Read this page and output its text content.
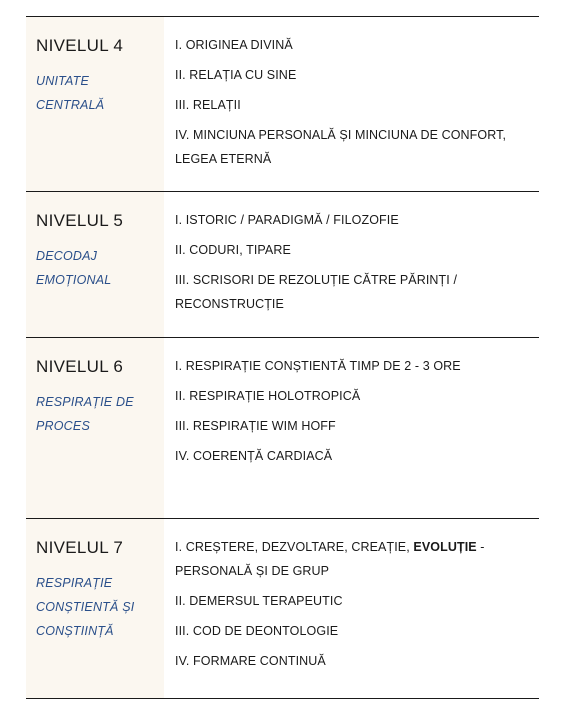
NIVELUL 4
UNITATE CENTRALĂ
I. ORIGINEA DIVINĂ
II. RELAȚIA CU SINE
III. RELAȚII
IV. MINCIUNA PERSONALĂ ȘI MINCIUNA DE CONFORT, LEGEA ETERNĂ
NIVELUL 5
DECODAJ EMOȚIONAL
I. ISTORIC / PARADIGMĂ / FILOZOFIE
II. CODURI, TIPARE
III. SCRISORI DE REZOLUȚIE CĂTRE PĂRINȚI / RECONSTRUCȚIE
NIVELUL 6
RESPIRAȚIE DE PROCES
I. RESPIRAȚIE CONȘTIENTĂ TIMP DE 2 - 3 ORE
II. RESPIRAȚIE HOLOTROPICĂ
III. RESPIRAȚIE WIM HOFF
IV. COERENȚĂ CARDIACĂ
NIVELUL 7
RESPIRAȚIE CONȘTIENTĂ ȘI CONȘTIINȚĂ
I. CREȘTERE, DEZVOLTARE, CREAȚIE, EVOLUȚIE - PERSONALĂ ȘI DE GRUP
II. DEMERSUL TERAPEUTIC
III. COD DE DEONTOLOGIE
IV. FORMARE CONTINUĂ
